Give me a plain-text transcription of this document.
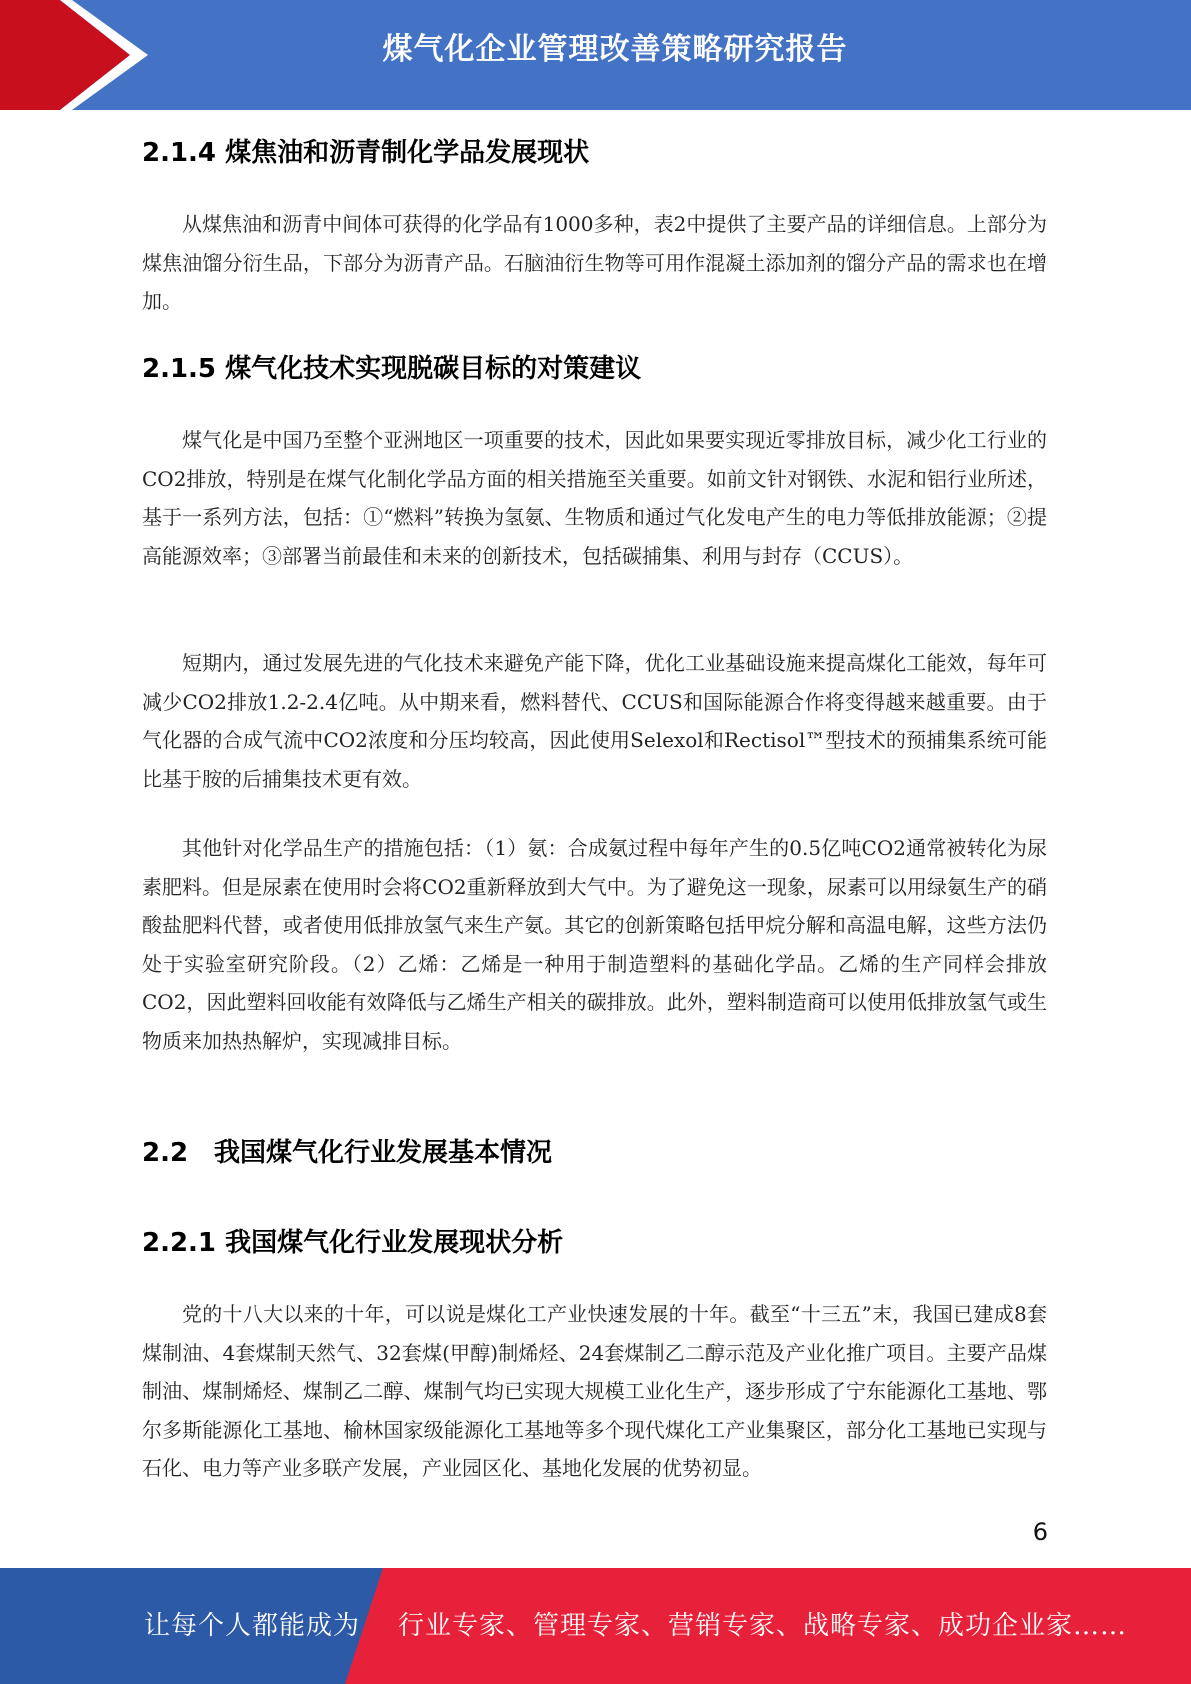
煤气化企业管理改善策略研究报告
2.1.4 煤焦油和沥青制化学品发展现状

从煤焦油和沥青中间体可获得的化学品有1000多种，表2中提供了主要产品的详细信息。上部分为煤焦油馏分衍生品，下部分为沥青产品。石脑油衍生物等可用作混凝土添加剂的馏分产品的需求也在增加。

2.1.5 煤气化技术实现脱碳目标的对策建议

煤气化是中国乃至整个亚洲地区一项重要的技术，因此如果要实现近零排放目标，减少化工行业的CO2排放，特别是在煤气化制化学品方面的相关措施至关重要。如前文针对钢铁、水泥和铝行业所述，基于一系列方法，包括：①“燃料”转换为氢氨、生物质和通过气化发电产生的电力等低排放能源；②提高能源效率；③部署当前最佳和未来的创新技术，包括碳捕集、利用与封存（CCUS）。

短期内，通过发展先进的气化技术来避免产能下降，优化工业基础设施来提高煤化工能效，每年可减少CO2排放1.2-2.4亿吨。从中期来看，燃料替代、CCUS和国际能源合作将变得越来越重要。由于气化器的合成气流中CO2浓度和分压均较高，因此使用Selexol和Rectisol™型技术的预捕集系统可能比基于胺的后捕集技术更有效。

其他针对化学品生产的措施包括：（1）氨：合成氨过程中每年产生的0.5亿吨CO2通常被转化为尿素肥料。但是尿素在使用时会将CO2重新释放到大气中。为了避免这一现象，尿素可以用绿氨生产的硝酸盐肥料代替，或者使用低排放氢气来生产氨。其它的创新策略包括甲烷分解和高温电解，这些方法仍处于实验室研究阶段。（2）乙烯：乙烯是一种用于制造塑料的基础化学品。乙烯的生产同样会排放CO2，因此塑料回收能有效降低与乙烯生产相关的碳排放。此外，塑料制造商可以使用低排放氢气或生物质来加热热解炉，实现减排目标。

2.2　我国煤气化行业发展基本情况
2.2.1 我国煤气化行业发展现状分析

党的十八大以来的十年，可以说是煤化工产业快速发展的十年。截至“十三五”末，我国已建成8套煤制油、4套煤制天然气、32套煤(甲醇)制烯烃、24套煤制乙二醇示范及产业化推广项目。主要产品煤制油、煤制烯烃、煤制乙二醇、煤制气均已实现大规模工业化生产，逐步形成了宁东能源化工基地、鄂尔多斯能源化工基地、榆林国家级能源化工基地等多个现代煤化工产业集聚区，部分化工基地已实现与石化、电力等产业多联产发展，产业园区化、基地化发展的优势初显。

6
让每个人都能成为 行业专家、管理专家、营销专家、战略专家、成功企业家……
